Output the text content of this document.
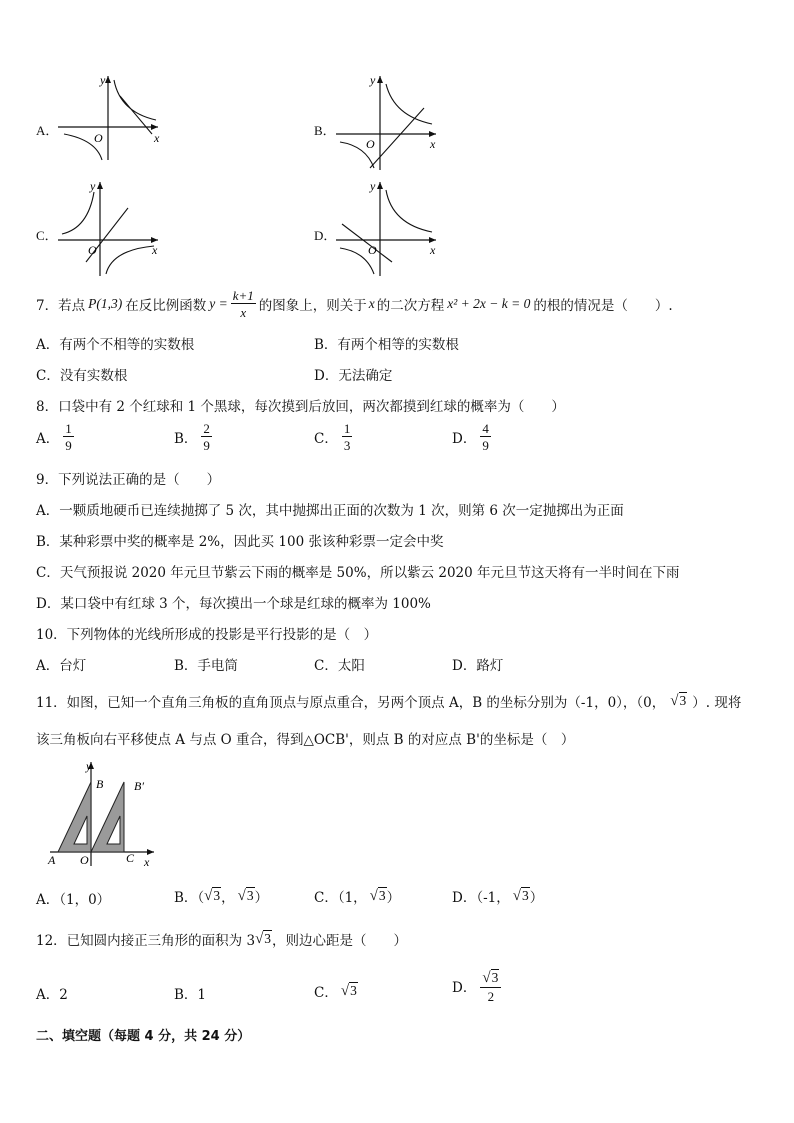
A．
y
x
O	B．
y
x
O
C．
y
x
O
D．
y
x
O
7．若点 P(1,3) 在反比例函数 $y = \frac{k+1}{x}$ 的图象上，则关于 x 的二次方程 x² + 2x − k = 0 的根的情况是（　　）.
A．有两个不相等的实数根	B．有两个相等的实数根
C．没有实数根	D．无法确定
8．口袋中有 2 个红球和 1 个黑球，每次摸到后放回，两次都摸到红球的概率为（　　）
A． $\frac{1}{9}$	B． $\frac{2}{9}$	C． $\frac{1}{3}$	D． $\frac{4}{9}$
9．下列说法正确的是（　　）
A．一颗质地硬币已连续抛掷了 5 次，其中抛掷出正面的次数为 1 次，则第 6 次一定抛掷出为正面
B．某种彩票中奖的概率是 2%，因此买 100 张该种彩票一定会中奖
C．天气预报说 2020 年元旦节紫云下雨的概率是 50%，所以紫云 2020 年元旦节这天将有一半时间在下雨
D．某口袋中有红球 3 个，每次摸出一个球是红球的概率为 100%
10．下列物体的光线所形成的投影是平行投影的是（　）
A．台灯	B．手电筒	C．太阳	D．路灯
11．如图，已知一个直角三角板的直角顶点与原点重合，另两个顶点 A，B 的坐标分别为（-1，0），（0， √3 ）. 现将
该三角板向右平移使点 A 与点 O 重合，得到△OCB'，则点 B 的对应点 B'的坐标是（　）
y
B	B′
A O	C x
A．（1，0）	B．（ √3 ， √3 ）	C．（1， √3 ）	D．（-1， √3 ）
12．已知圆内接正三角形的面积为 3 √3 ，则边心距是（　　）
A．2	B．1	C． √3	D． $\frac{√3}{2}$
二、填空题（每题 4 分，共 24 分）
